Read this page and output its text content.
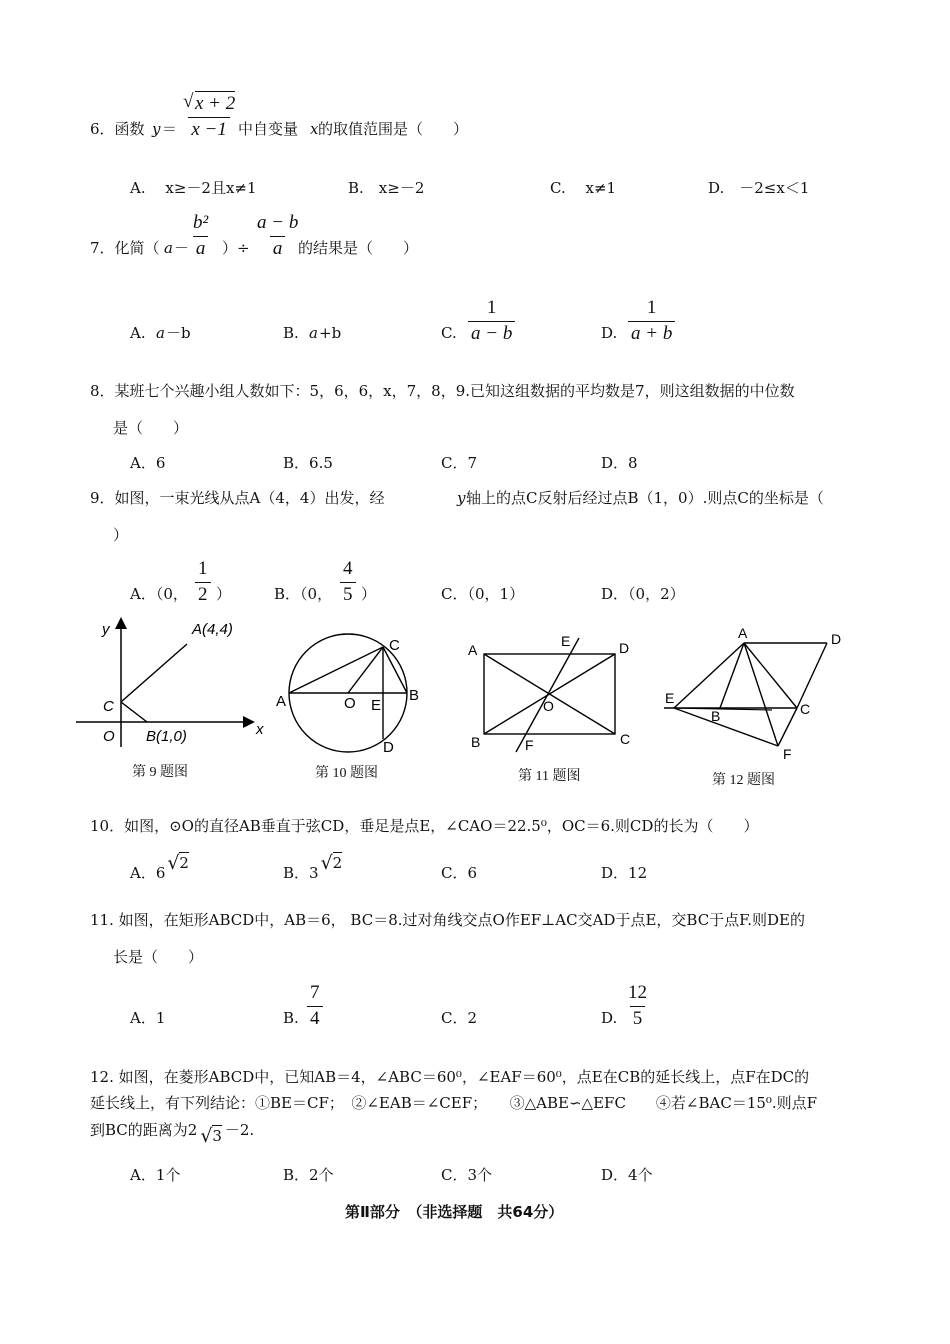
6．函数 y ＝ √ $\frac{x + 2}{x -1}$ 中自变量 x 的取值范围是（　　）
A.　 x≥－2且x≠1	B.　x≥－2	C.　 x≠1	D.　－2≤x＜1
7．化简（ $a - \frac{\text{b²}}{a}$ ）÷ $\frac{a - b}{a}$
的结果是（　　）
A. a －b	B. a +b	C. $\frac{1}{a - b}$	D. $\frac{1}{a + b}$
8．某班七个兴趣小组人数如下：5，6，6，x，7，8，9.已知这组数据的平均数是7，则这组数据的中位数
是（　　）
A．6	B．6.5	C．7	D．8
9．如图，一束光线从点A（4，4）出发，经	y 轴上的点C反射后经过点B（1，0）.则点C的坐标是（
）
A．（0， $\frac{1}{2}$ ）	B．（0， $\frac{4}{5}$ ）	C．（0，1）	D．（0，2）
y
x
A(4,4)
C
O B(1,0)
第 9 题图
A	B
C
D
O E
第 10 题图
A	D
B	C
E
F
O
第 11 题图
A	D
E
B	C
F
第 12 题图
10．如图，⊙O的直径AB垂直于弦CD，垂足是点E，∠CAO＝22.5⁰，OC＝6.则CD的长为（　　）
A．6√ 2
B．3√ 2
C．6	D．12
11. 如图，在矩形ABCD中，AB＝6， BC＝8.过对角线交点O作EF⊥AC交AD于点E，交BC于点F.则DE的
长是（　　）
A．1	B. $\frac{7}{4}$	C．2	D. $\frac{12}{5}$
12. 如图，在菱形ABCD中，已知AB＝4，∠ABC＝60⁰，∠EAF＝60⁰，点E在CB的延长线上，点F在DC的
延长线上，有下列结论：①BE＝CF；　②∠EAB＝∠CEF；　　③△ABE∽△EFC　　④若∠BAC＝15⁰.则点F
到BC的距离为2 √ 3 －2.
A．1个	B．2个	C．3个	D．4个
第Ⅱ部分　（非选择题　共64分）
